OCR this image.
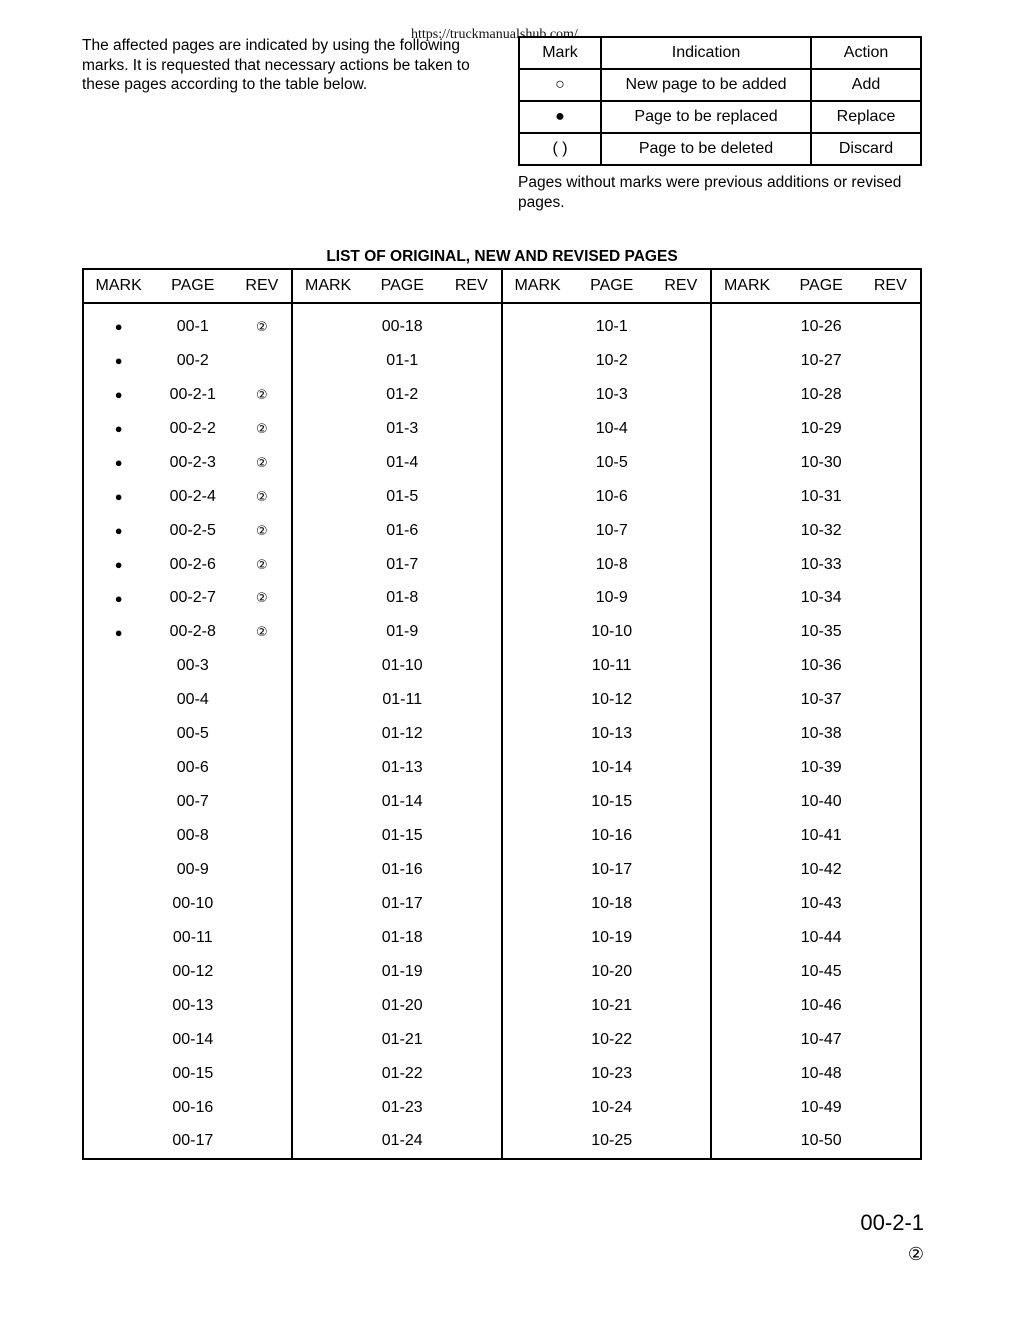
The affected pages are indicated by using the following marks. It is requested that necessary actions be taken to these pages according to the table below.
https://truckmanualshub.com/
Mark	Indication	Action
○	New page to be added	Add
●	Page to be replaced	Replace
( )	Page to be deleted	Discard
Pages without marks were previous additions or revised pages.
LIST OF ORIGINAL, NEW AND REVISED PAGES
MARK	PAGE	REV	MARK	PAGE	REV	MARK	PAGE	REV	MARK	PAGE	REV
●	00-1	②		00-18			10-1			10-26	
●	00-2			01-1			10-2			10-27	
●	00-2-1	②		01-2			10-3			10-28	
●	00-2-2	②		01-3			10-4			10-29	
●	00-2-3	②		01-4			10-5			10-30	
●	00-2-4	②		01-5			10-6			10-31	
●	00-2-5	②		01-6			10-7			10-32	
●	00-2-6	②		01-7			10-8			10-33	
●	00-2-7	②		01-8			10-9			10-34	
●	00-2-8	②		01-9			10-10			10-35	
	00-3			01-10			10-11			10-36	
	00-4			01-11			10-12			10-37	
	00-5			01-12			10-13			10-38	
	00-6			01-13			10-14			10-39	
	00-7			01-14			10-15			10-40	
	00-8			01-15			10-16			10-41	
	00-9			01-16			10-17			10-42	
	00-10			01-17			10-18			10-43	
	00-11			01-18			10-19			10-44	
	00-12			01-19			10-20			10-45	
	00-13			01-20			10-21			10-46	
	00-14			01-21			10-22			10-47	
	00-15			01-22			10-23			10-48	
	00-16			01-23			10-24			10-49	
	00-17			01-24			10-25			10-50	
00-2-1
②
